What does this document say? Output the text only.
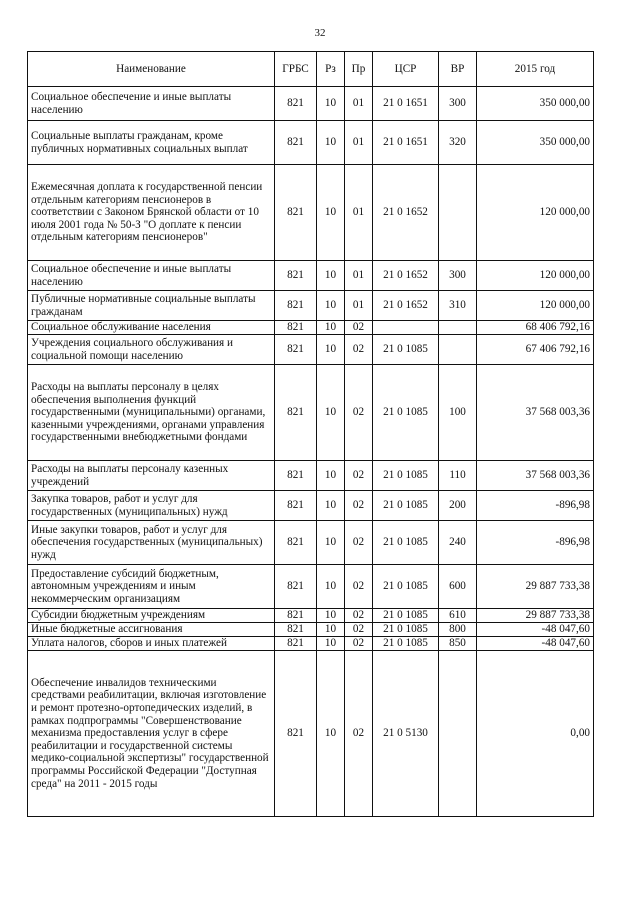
32
Наименование	ГРБС	Рз	Пр	ЦСР	ВР	2015 год
Социальное обеспечение и иные выплаты населению	821	10	01	21 0 1651	300	350 000,00
Социальные выплаты гражданам, кроме публичных нормативных социальных выплат	821	10	01	21 0 1651	320	350 000,00
Ежемесячная доплата к государственной пенсии отдельным категориям пенсионеров в соответствии с Законом Брянской области от 10 июля 2001 года № 50-З "О доплате к пенсии отдельным категориям пенсионеров"	821	10	01	21 0 1652		120 000,00
Социальное обеспечение и иные выплаты населению	821	10	01	21 0 1652	300	120 000,00
Публичные нормативные социальные выплаты гражданам	821	10	01	21 0 1652	310	120 000,00
Социальное обслуживание населения	821	10	02			68 406 792,16
Учреждения социального обслуживания и социальной помощи населению	821	10	02	21 0 1085		67 406 792,16
Расходы на выплаты персоналу в целях обеспечения выполнения функций государственными (муниципальными) органами, казенными учреждениями, органами управления государственными внебюджетными фондами	821	10	02	21 0 1085	100	37 568 003,36
Расходы на выплаты персоналу казенных учреждений	821	10	02	21 0 1085	110	37 568 003,36
Закупка товаров, работ и услуг для государственных (муниципальных) нужд	821	10	02	21 0 1085	200	-896,98
Иные закупки товаров, работ и услуг для обеспечения государственных (муниципальных) нужд	821	10	02	21 0 1085	240	-896,98
Предоставление субсидий бюджетным, автономным учреждениям и иным некоммерческим организациям	821	10	02	21 0 1085	600	29 887 733,38
Субсидии бюджетным учреждениям	821	10	02	21 0 1085	610	29 887 733,38
Иные бюджетные ассигнования	821	10	02	21 0 1085	800	-48 047,60
Уплата налогов, сборов и иных платежей	821	10	02	21 0 1085	850	-48 047,60
Обеспечение инвалидов техническими средствами реабилитации, включая изготовление и ремонт протезно-ортопедических изделий, в рамках подпрограммы "Совершенствование механизма предоставления услуг в сфере реабилитации и государственной системы медико-социальной экспертизы" государственной программы Российской Федерации "Доступная среда" на 2011 - 2015 годы	821	10	02	21 0 5130		0,00
